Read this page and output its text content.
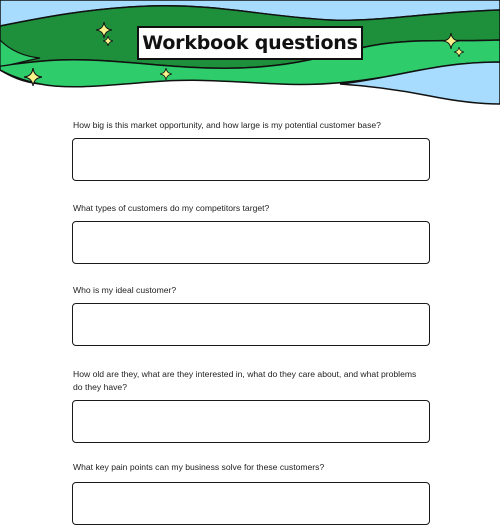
Workbook questions
How big is this market opportunity, and how large is my potential customer base?
What types of customers do my competitors target?
Who is my ideal customer?
How old are they, what are they interested in, what do they care about, and what problems do they have?
What key pain points can my business solve for these customers?
